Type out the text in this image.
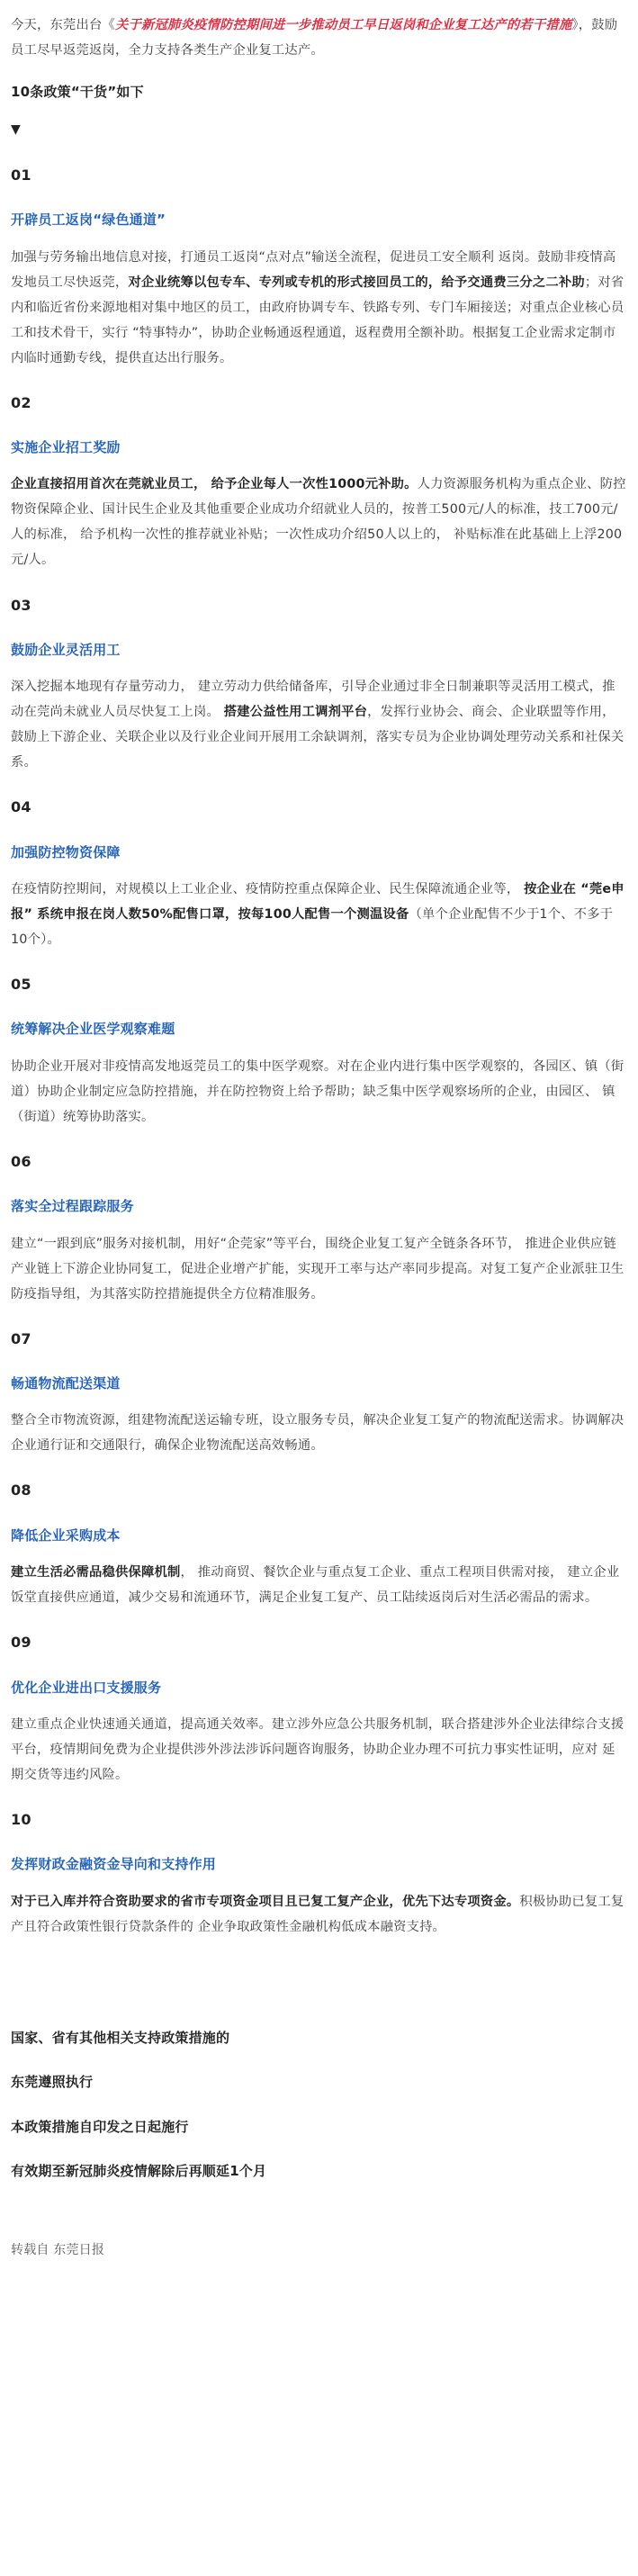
今天，东莞出台《关于新冠肺炎疫情防控期间进一步推动员工早日返岗和企业复工达产的若干措施》，鼓励员工尽早返莞返岗，全力支持各类生产企业复工达产。

10条政策“干货”如下

▼

01

开辟员工返岗“绿色通道”

加强与劳务输出地信息对接，打通员工返岗“点对点”输送全流程，促进员工安全顺利 返岗。鼓励非疫情高发地员工尽快返莞，对企业统筹以包专车、专列或专机的形式接回员工的，给予交通费三分之二补助；对省内和临近省份来源地相对集中地区的员工，由政府协调专车、铁路专列、专门车厢接送；对重点企业核心员工和技术骨干，实行 “特事特办”，协助企业畅通返程通道，返程费用全额补助。根据复工企业需求定制市内临时通勤专线，提供直达出行服务。

02

实施企业招工奖励

企业直接招用首次在莞就业员工， 给予企业每人一次性1000元补助。人力资源服务机构为重点企业、防控物资保障企业、国计民生企业及其他重要企业成功介绍就业人员的，按普工500元/人的标准，技工700元/人的标准， 给予机构一次性的推荐就业补贴；一次性成功介绍50人以上的， 补贴标准在此基础上上浮200元/人。

03

鼓励企业灵活用工

深入挖掘本地现有存量劳动力， 建立劳动力供给储备库，引导企业通过非全日制兼职等灵活用工模式，推动在莞尚未就业人员尽快复工上岗。 搭建公益性用工调剂平台，发挥行业协会、商会、企业联盟等作用，鼓励上下游企业、关联企业以及行业企业间开展用工余缺调剂，落实专员为企业协调处理劳动关系和社保关系。

04

加强防控物资保障

在疫情防控期间，对规模以上工业企业、疫情防控重点保障企业、民生保障流通企业等， 按企业在 “莞e申报” 系统申报在岗人数50%配售口罩，按每100人配售一个测温设备（单个企业配售不少于1个、不多于10个）。

05

统筹解决企业医学观察难题

协助企业开展对非疫情高发地返莞员工的集中医学观察。对在企业内进行集中医学观察的，各园区、镇（街道）协助企业制定应急防控措施，并在防控物资上给予帮助；缺乏集中医学观察场所的企业，由园区、 镇（街道）统筹协助落实。

06

落实全过程跟踪服务

建立“一跟到底”服务对接机制，用好“企莞家”等平台，围绕企业复工复产全链条各环节， 推进企业供应链产业链上下游企业协同复工，促进企业增产扩能，实现开工率与达产率同步提高。对复工复产企业派驻卫生 防疫指导组，为其落实防控措施提供全方位精准服务。

07

畅通物流配送渠道

整合全市物流资源，组建物流配送运输专班，设立服务专员，解决企业复工复产的物流配送需求。协调解决企业通行证和交通限行，确保企业物流配送高效畅通。

08

降低企业采购成本

建立生活必需品稳供保障机制， 推动商贸、餐饮企业与重点复工企业、重点工程项目供需对接， 建立企业饭堂直接供应通道，减少交易和流通环节，满足企业复工复产、员工陆续返岗后对生活必需品的需求。

09

优化企业进出口支援服务

建立重点企业快速通关通道，提高通关效率。建立涉外应急公共服务机制，联合搭建涉外企业法律综合支援平台，疫情期间免费为企业提供涉外涉法涉诉问题咨询服务，协助企业办理不可抗力事实性证明，应对 延期交货等违约风险。

10

发挥财政金融资金导向和支持作用

对于已入库并符合资助要求的省市专项资金项目且已复工复产企业，优先下达专项资金。积极协助已复工复产且符合政策性银行贷款条件的 企业争取政策性金融机构低成本融资支持。

国家、省有其他相关支持政策措施的

东莞遵照执行

本政策措施自印发之日起施行

有效期至新冠肺炎疫情解除后再顺延1个月

转载自 东莞日报
